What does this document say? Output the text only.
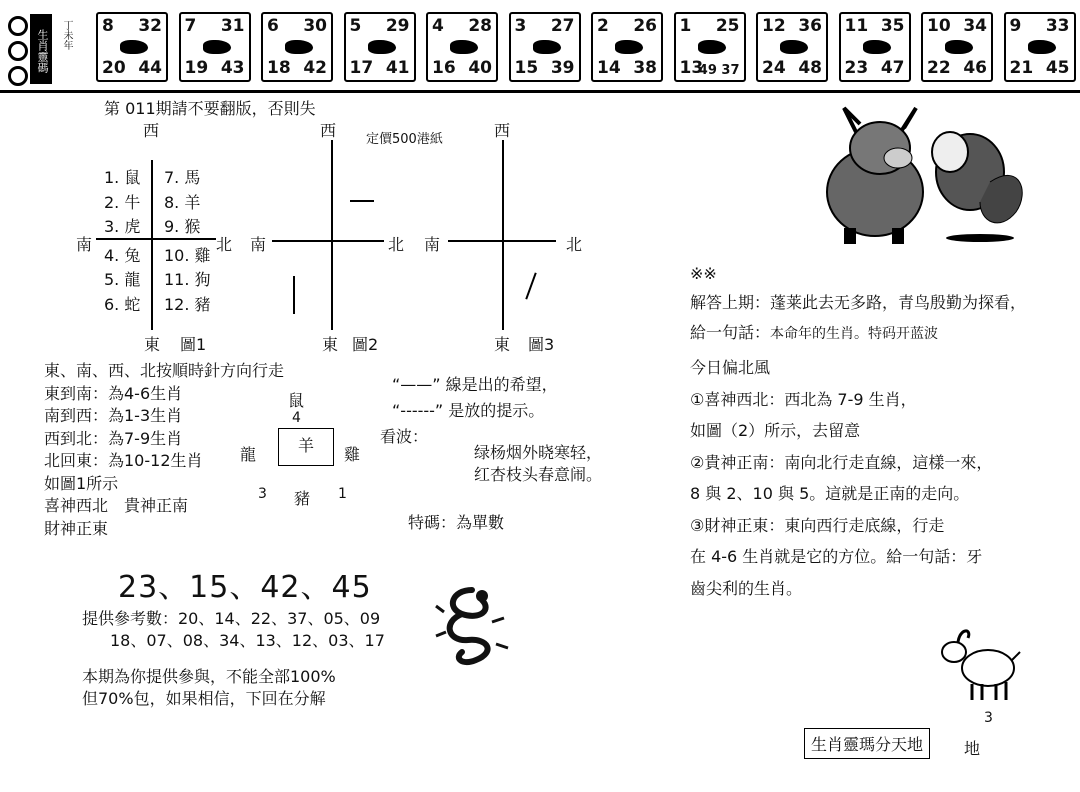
生肖靈碼	丁未年 8 32
20 44
7 31
19 43
6 30
18 42
5 29
17 41
4 28
16 40
3 27
15 39
2 26
14 38
1 25
13
49 37
12 36
24 48
11 35
23 47
10 34
22 46
9 33
21 45
第 011期請不要翻版，否則失
定價500港紙
西
南	北
東 圖1
1. 鼠
2. 牛
3. 虎
4. 兔
5. 龍
6. 蛇
7. 馬
8. 羊
9. 猴
10. 雞
11. 狗
12. 豬
西
南	北
東 圖2
西
南	北
東 圖3
東、南、西、北按順時針方向行走
東到南：為4-6生肖
南到西：為1-3生肖
西到北：為7-9生肖
北回東：為10-12生肖
如圖1所示
喜神西北　貴神正南
財神正東
“——” 線是出的希望，
“------” 是放的提示。
看波：
绿杨烟外晓寒轻，
红杏枝头春意闹。
鼠
4
龍	羊	雞
3 豬 1
特碼：為單數
23、15、42、45
提供參考數：20、14、22、37、05、09
18、07、08、34、13、12、03、17
本期為你提供參與，不能全部100%
但70%包，如果相信，下回在分解
※※
解答上期：蓬莱此去无多路，青鸟殷勤为探看，
給一句話：本命年的生肖。特码开蓝波
今日偏北風
①喜神西北：西北為 7-9 生肖，
如圖（2）所示，去留意
②貴神正南：南向北行走直線，這樣一來，
8 與 2、10 與 5。這就是正南的走向。
③財神正東：東向西行走底線，行走
在 4-6 生肖就是它的方位。給一句話：牙
齒尖利的生肖。
3
生肖靈瑪分天地	地
